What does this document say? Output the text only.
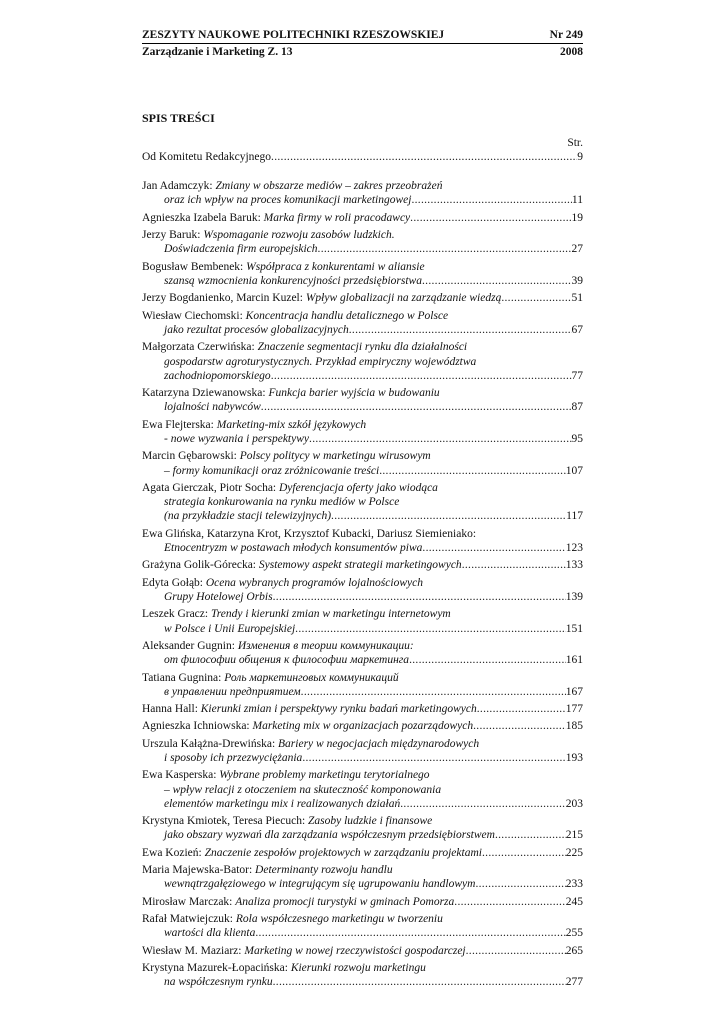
ZESZYTY NAUKOWE POLITECHNIKI RZESZOWSKIEJ	Nr 249
Zarządzanie i Marketing Z. 13	2008
SPIS TREŚCI
Str.
Od Komitetu Redakcyjnego .....	9
Jan Adamczyk: Zmiany w obszarze mediów – zakres przeobrażeń
oraz ich wpływ na proces komunikacji marketingowej .....	11
Agnieszka Izabela Baruk: Marka firmy w roli pracodawcy .....	19
Jerzy Baruk: Wspomaganie rozwoju zasobów ludzkich.
Doświadczenia firm europejskich .....	27
Bogusław Bembenek: Współpraca z konkurentami w aliansie
szansą wzmocnienia konkurencyjności przedsiębiorstwa .....	39
Jerzy Bogdanienko, Marcin Kuzel: Wpływ globalizacji na zarządzanie wiedzą .....	51
Wiesław Ciechomski: Koncentracja handlu detalicznego w Polsce
jako rezultat procesów globalizacyjnych .....	67
Małgorzata Czerwińska: Znaczenie segmentacji rynku dla działalności
gospodarstw agroturystycznych. Przykład empiryczny województwa
zachodniopomorskiego .....	77
Katarzyna Dziewanowska: Funkcja barier wyjścia w budowaniu
lojalności nabywców .....	87
Ewa Flejterska: Marketing-mix szkół językowych
- nowe wyzwania i perspektywy .....	95
Marcin Gębarowski: Polscy politycy w marketingu wirusowym
– formy komunikacji oraz zróżnicowanie treści .....	107
Agata Gierczak, Piotr Socha: Dyferencjacja oferty jako wiodąca
strategia konkurowania na rynku mediów w Polsce
(na przykładzie stacji telewizyjnych) .....	117
Ewa Glińska, Katarzyna Krot, Krzysztof Kubacki, Dariusz Siemieniako:
Etnocentryzm w postawach młodych konsumentów piwa .....	123
Grażyna Golik-Górecka: Systemowy aspekt strategii marketingowych .....	133
Edyta Gołąb: Ocena wybranych programów lojalnościowych
Grupy Hotelowej Orbis .....	139
Leszek Gracz: Trendy i kierunki zmian w marketingu internetowym
w Polsce i Unii Europejskiej .....	151
Aleksander Gugnin: Изменения в теории коммуникации:
от философии общения к философии маркетинга .....	161
Tatiana Gugnina: Роль маркетинговых коммуникаций
в управлении предприятием .....	167
Hanna Hall: Kierunki zmian i perspektywy rynku badań marketingowych .....	177
Agnieszka Ichniowska: Marketing mix w organizacjach pozarządowych .....	185
Urszula Kałążna-Drewińska: Bariery w negocjacjach międzynarodowych
i sposoby ich przezwyciężania .....	193
Ewa Kasperska: Wybrane problemy marketingu terytorialnego
– wpływ relacji z otoczeniem na skuteczność komponowania
elementów marketingu mix i realizowanych działań .....	203
Krystyna Kmiotek, Teresa Piecuch: Zasoby ludzkie i finansowe
jako obszary wyzwań dla zarządzania współczesnym przedsiębiorstwem .....	215
Ewa Kozień: Znaczenie zespołów projektowych w zarządzaniu projektami .....	225
Maria Majewska-Bator: Determinanty rozwoju handlu
wewnątrzgałęziowego w integrującym się ugrupowaniu handlowym .....	233
Mirosław Marczak: Analiza promocji turystyki w gminach Pomorza .....	245
Rafał Matwiejczuk: Rola współczesnego marketingu w tworzeniu
wartości dla klienta .....	255
Wiesław M. Maziarz: Marketing w nowej rzeczywistości gospodarczej .....	265
Krystyna Mazurek-Łopacińska: Kierunki rozwoju marketingu
na współczesnym rynku .....	277
